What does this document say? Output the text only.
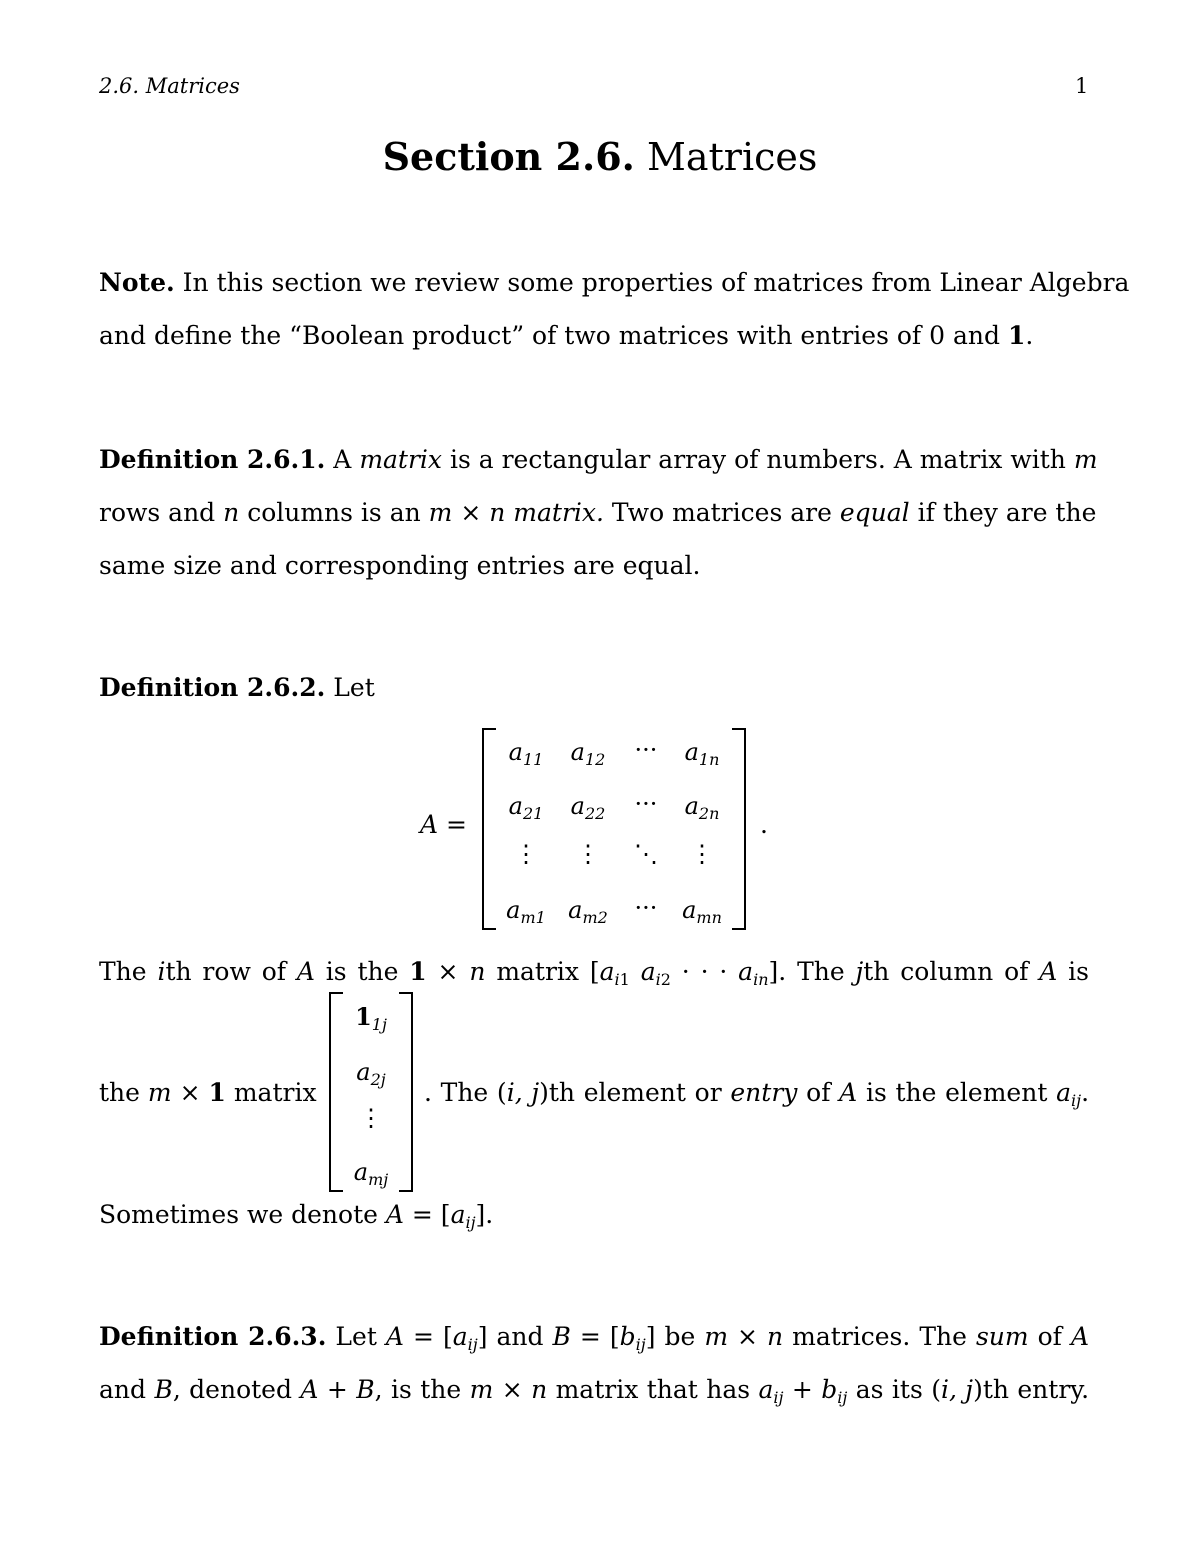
2.6. Matrices	1
Section 2.6. Matrices
Note. In this section we review some properties of matrices from Linear Algebra
and define the “Boolean product” of two matrices with entries of 0 and 1.
Definition 2.6.1. A matrix is a rectangular array of numbers. A matrix with m
rows and n columns is an m × n matrix. Two matrices are equal if they are the
same size and corresponding entries are equal.
Definition 2.6.2. Let
A =
$a_{11}$	$a_{12}$	···	$a_{1n}$
$a_{21}$	$a_{22}$	···	$a_{2n}$
⋮	⋮	⋱	⋮
$a_{m1}$ $a_{m2}$	···	$a_{mn}$
.
The ith row of A is the 1 × n matrix [$a_{i1}$ $a_{i2}$ · · · $a_{in}$]. The jth column of A is
the m × 1 matrix
$1_{1j}$
$a_{2j}$
⋮
$a_{mj}$
. The (i, j)th element or entry of A is the element $a_{ij}$.
Sometimes we denote $A = [a_{ij}]$.
Definition 2.6.3. Let $A = [a_{ij}]$ and $B = [b_{ij}]$ be m × n matrices. The sum of A
and B, denoted A + B, is the m × n matrix that has $a_{ij} + b_{ij}$ as its (i, j)th entry.
